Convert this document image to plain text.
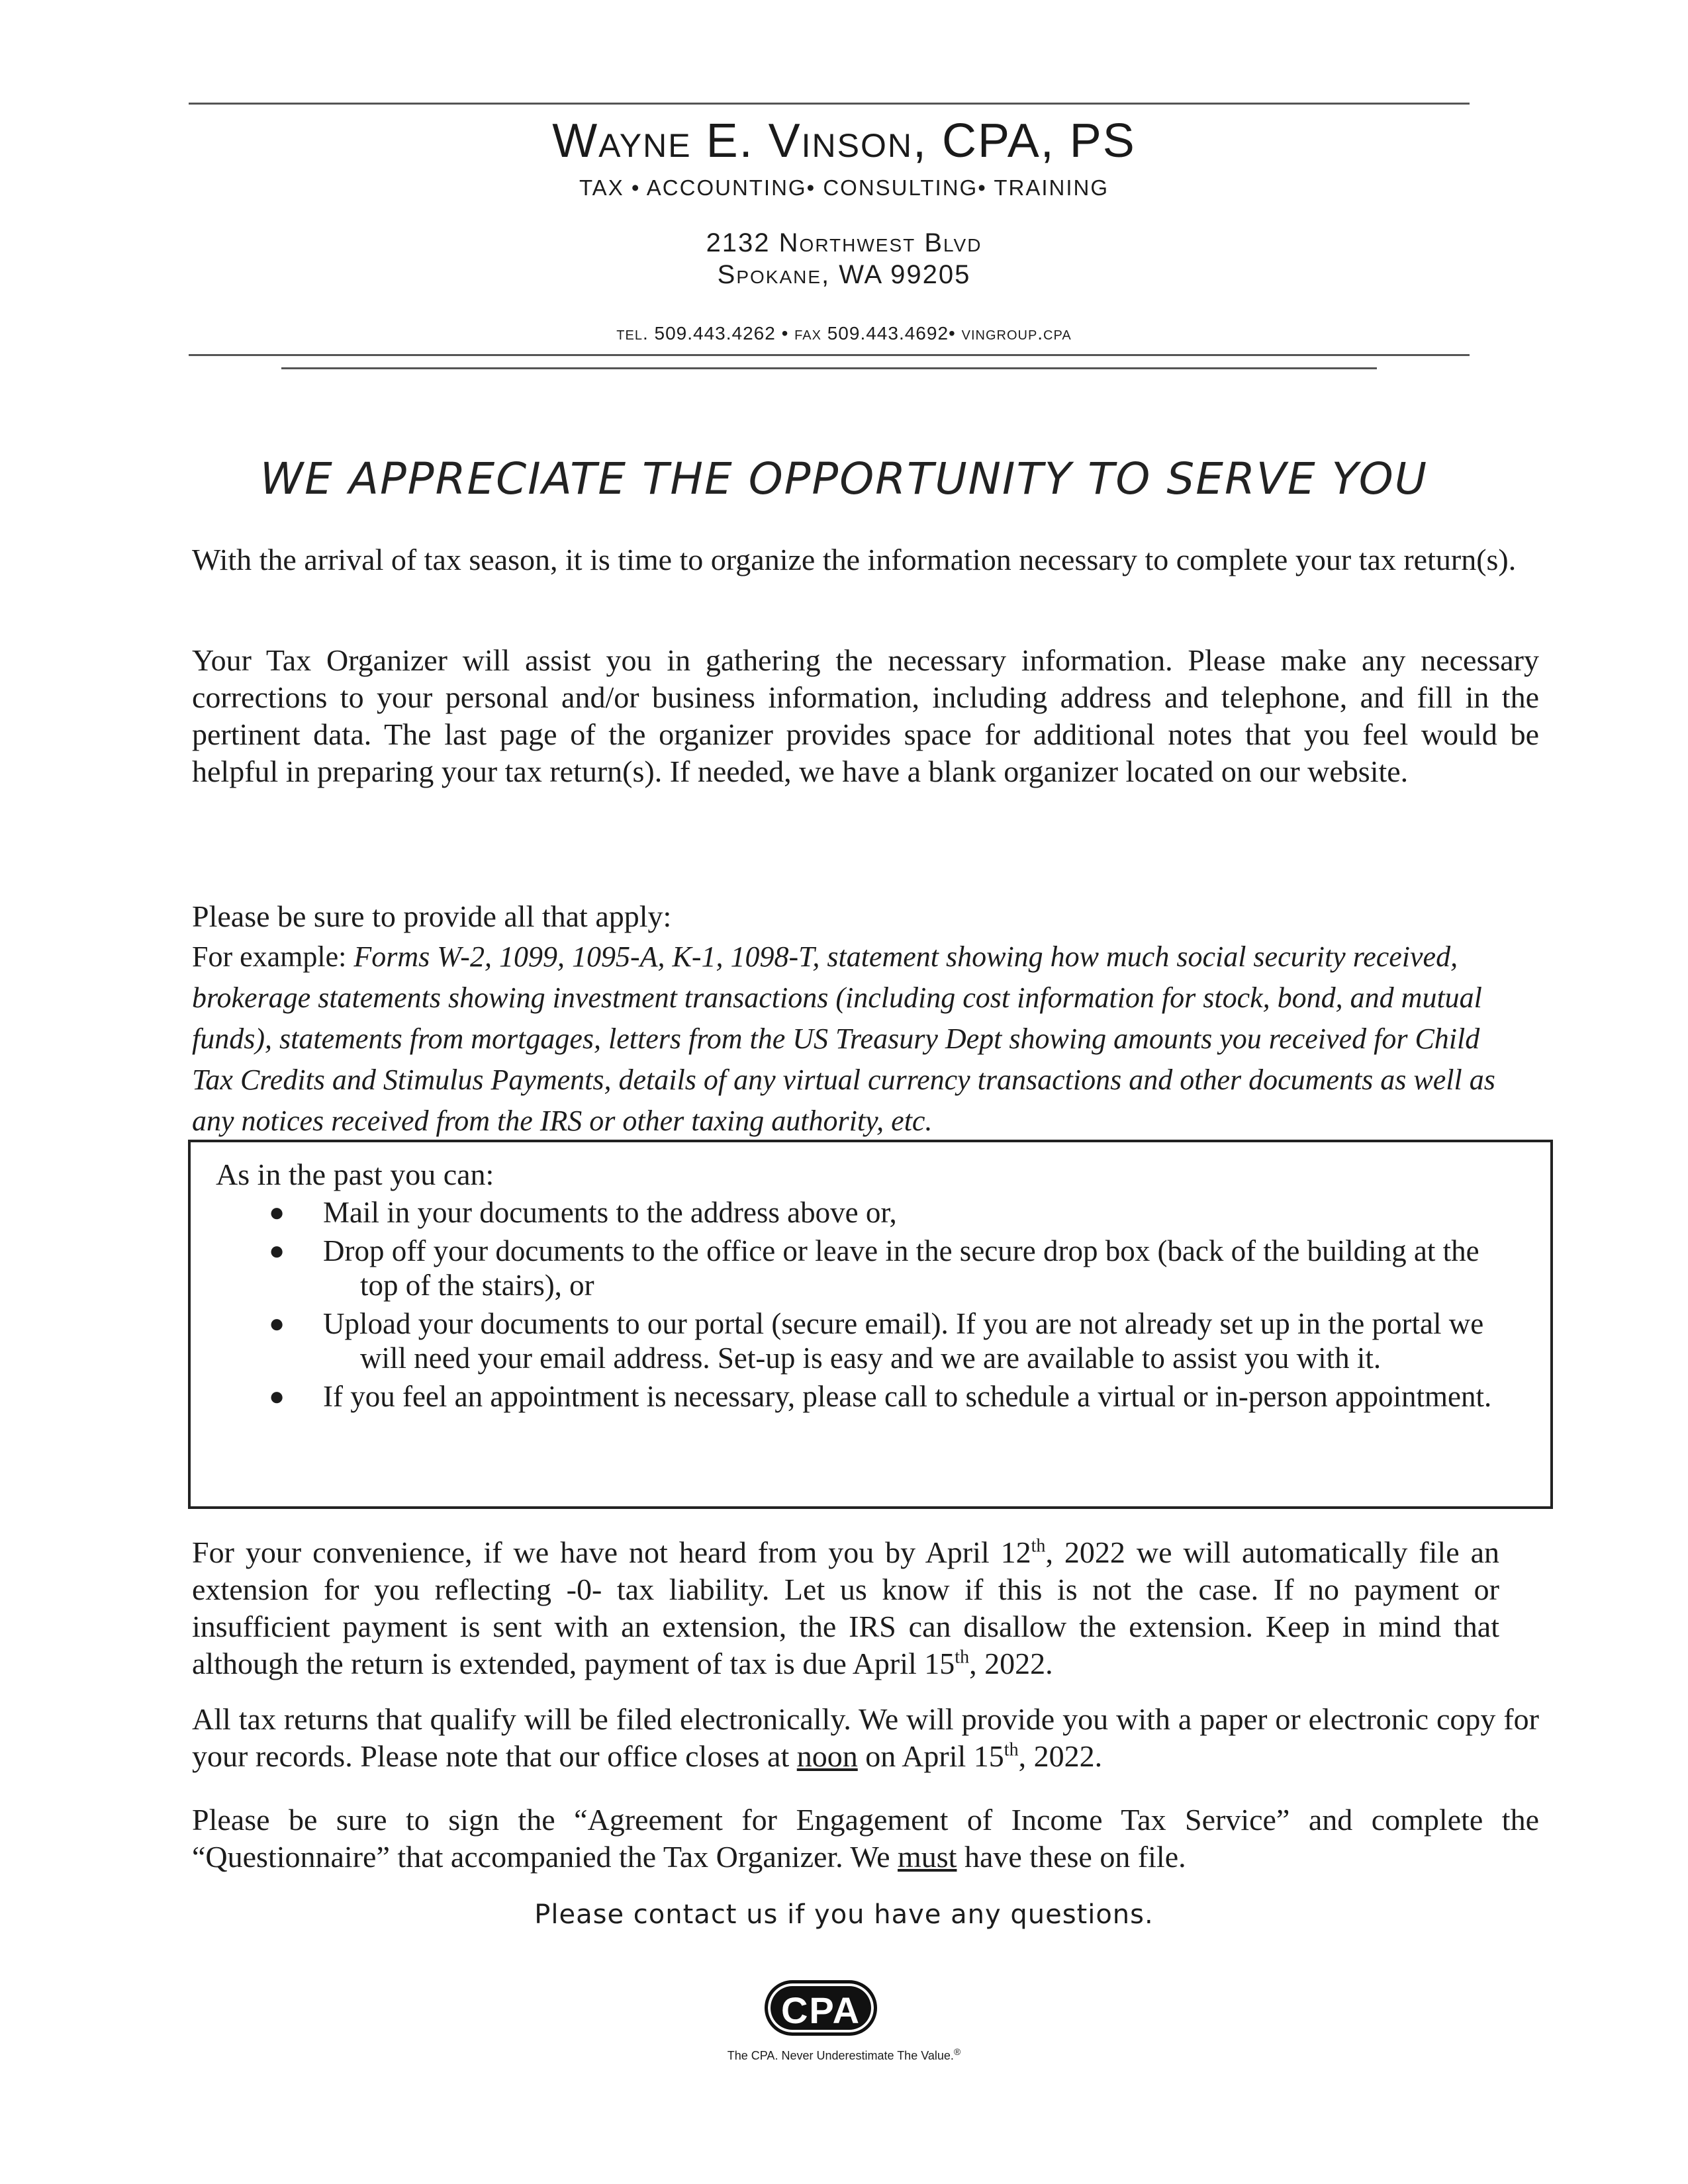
Wayne E. Vinson, CPA, PS
TAX • ACCOUNTING• CONSULTING• TRAINING
2132 Northwest Blvd
Spokane, WA 99205
tel. 509.443.4262 • fax 509.443.4692• vingroup.cpa
WE APPRECIATE THE OPPORTUNITY TO SERVE YOU

With the arrival of tax season, it is time to organize the information necessary to complete your tax return(s).

Your Tax Organizer will assist you in gathering the necessary information. Please make any necessary corrections to your personal and/or business information, including address and telephone, and fill in the pertinent data. The last page of the organizer provides space for additional notes that you feel would be helpful in preparing your tax return(s). If needed, we have a blank organizer located on our website.

Please be sure to provide all that apply:

For example: Forms W-2, 1099, 1095-A, K-1, 1098-T, statement showing how much social security received, brokerage statements showing investment transactions (including cost information for stock, bond, and mutual funds), statements from mortgages, letters from the US Treasury Dept showing amounts you received for Child Tax Credits and Stimulus Payments, details of any virtual currency transactions and other documents as well as any notices received from the IRS or other taxing authority, etc.
As in the past you can:
● Mail in your documents to the address above or,
● Drop off your documents to the office or leave in the secure drop box (back of the building at the top of the stairs), or
● Upload your documents to our portal (secure email). If you are not already set up in the portal we will need your email address. Set-up is easy and we are available to assist you with it.
● If you feel an appointment is necessary, please call to schedule a virtual or in-person appointment.

For your convenience, if we have not heard from you by April 12th, 2022 we will automatically file an extension for you reflecting -0- tax liability. Let us know if this is not the case. If no payment or insufficient payment is sent with an extension, the IRS can disallow the extension. Keep in mind that although the return is extended, payment of tax is due April 15th, 2022.

All tax returns that qualify will be filed electronically. We will provide you with a paper or electronic copy for your records. Please note that our office closes at noon on April 15th, 2022.

Please be sure to sign the “Agreement for Engagement of Income Tax Service” and complete the “Questionnaire” that accompanied the Tax Organizer. We must have these on file.

Please contact us if you have any questions.
CPA
The CPA. Never Underestimate The Value.®
